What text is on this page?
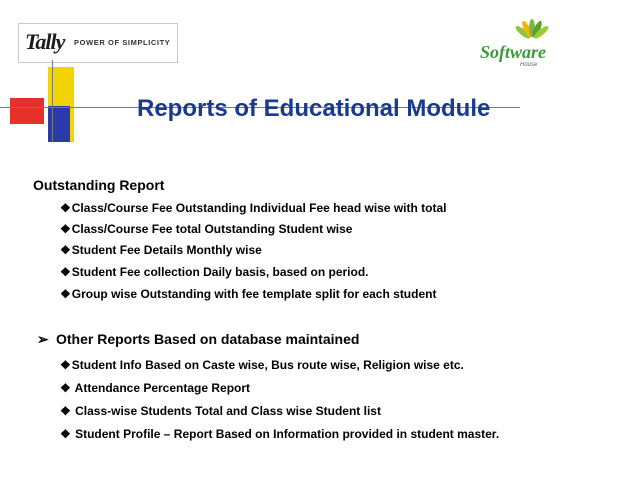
Tally POWER OF SIMPLICITY	Software
House
Reports of Educational Module
Outstanding Report
❖Class/Course Fee Outstanding Individual Fee head wise with total
❖Class/Course Fee total Outstanding Student wise
❖Student Fee Details Monthly wise
❖Student Fee collection Daily basis, based on period.
❖Group wise Outstanding with fee template split for each student
➢ Other Reports Based on database maintained
❖Student Info Based on Caste wise, Bus route wise, Religion wise etc.
❖ Attendance Percentage Report
❖ Class-wise Students Total and Class wise Student list
❖ Student Profile – Report Based on Information provided in student master.
